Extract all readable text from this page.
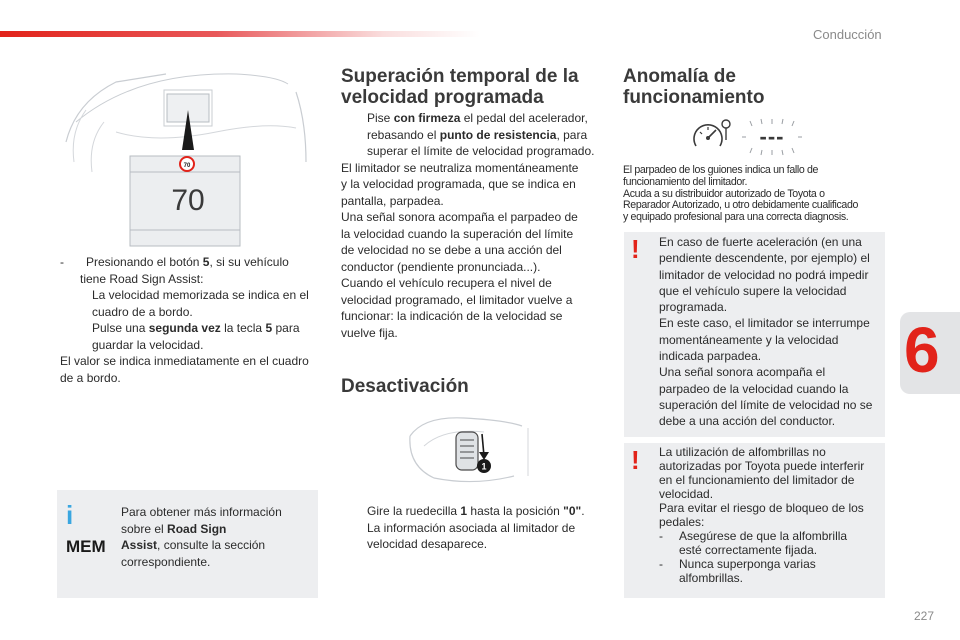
Conducción
6
227
70
70
- Presionando el botón 5, si su vehículo
tiene Road Sign Assist:
La velocidad memorizada se indica en el
cuadro de a bordo.
Pulse una segunda vez la tecla 5 para
guardar la velocidad.
El valor se indica inmediatamente en el cuadro
de a bordo.
i
MEM
Para obtener más información
sobre el Road Sign
Assist, consulte la sección
correspondiente.
Superación temporal de la
velocidad programada
Pise con firmeza el pedal del acelerador,
rebasando el punto de resistencia, para
superar el límite de velocidad programado.
El limitador se neutraliza momentáneamente
y la velocidad programada, que se indica en
pantalla, parpadea.
Una señal sonora acompaña el parpadeo de
la velocidad cuando la superación del límite
de velocidad no se debe a una acción del
conductor (pendiente pronunciada...).
Cuando el vehículo recupera el nivel de
velocidad programado, el limitador vuelve a
funcionar: la indicación de la velocidad se
vuelve fija.
Desactivación
1
Gire la ruedecilla 1 hasta la posición "0".
La información asociada al limitador de
velocidad desaparece.
Anomalía de
funcionamiento
---
El parpadeo de los guiones indica un fallo de
funcionamiento del limitador.
Acuda a su distribuidor autorizado de Toyota o
Reparador Autorizado, u otro debidamente cualificado
y equipado profesional para una correcta diagnosis.
! En caso de fuerte aceleración (en una
pendiente descendente, por ejemplo) el
limitador de velocidad no podrá impedir
que el vehículo supere la velocidad
programada.
En este caso, el limitador se interrumpe
momentáneamente y la velocidad
indicada parpadea.
Una señal sonora acompaña el
parpadeo de la velocidad cuando la
superación del límite de velocidad no se
debe a una acción del conductor.
! La utilización de alfombrillas no
autorizadas por Toyota puede interferir
en el funcionamiento del limitador de
velocidad.
Para evitar el riesgo de bloqueo de los
pedales:
-	Asegúrese de que la alfombrilla
esté correctamente fijada.
-	Nunca superponga varias
alfombrillas.
